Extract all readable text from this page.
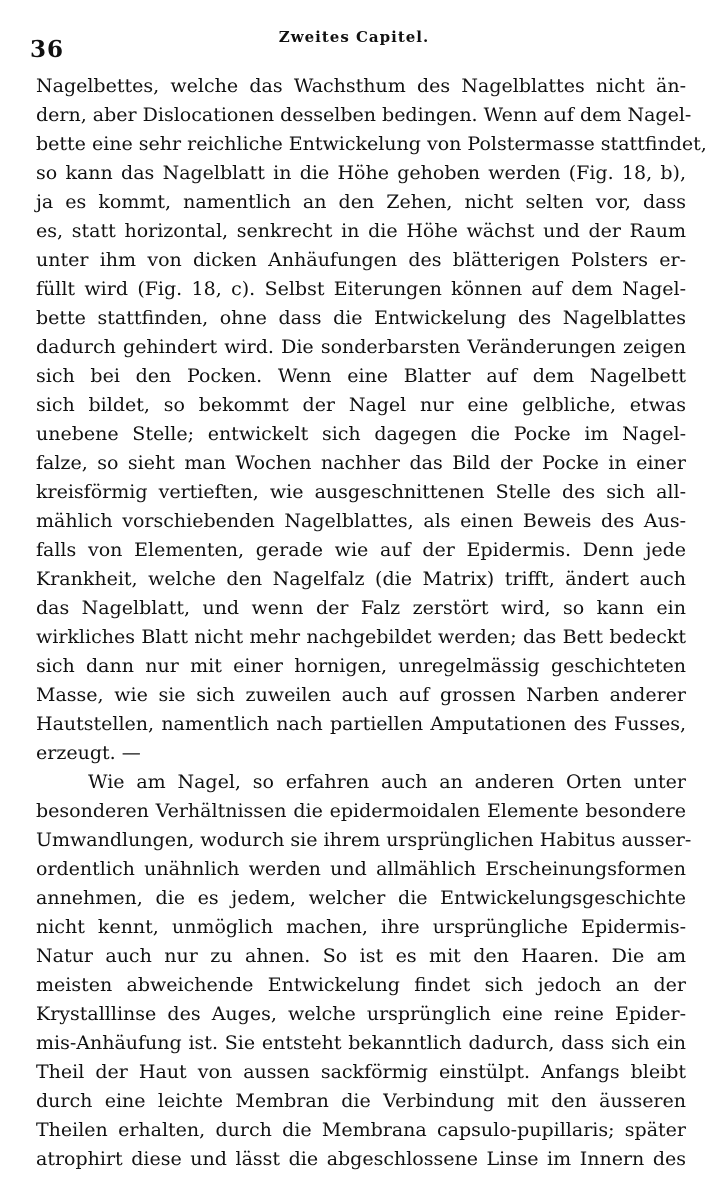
36	Zweites Capitel.
Nagelbettes, welche das Wachsthum des Nagelblattes nicht än-
dern, aber Dislocationen desselben bedingen. Wenn auf dem Nagel-
bette eine sehr reichliche Entwickelung von Polstermasse stattfindet,
so kann das Nagelblatt in die Höhe gehoben werden (Fig. 18, b),
ja es kommt, namentlich an den Zehen, nicht selten vor, dass
es, statt horizontal, senkrecht in die Höhe wächst und der Raum
unter ihm von dicken Anhäufungen des blätterigen Polsters er-
füllt wird (Fig. 18, c). Selbst Eiterungen können auf dem Nagel-
bette stattfinden, ohne dass die Entwickelung des Nagelblattes
dadurch gehindert wird. Die sonderbarsten Veränderungen zeigen
sich bei den Pocken. Wenn eine Blatter auf dem Nagelbett
sich bildet, so bekommt der Nagel nur eine gelbliche, etwas
unebene Stelle; entwickelt sich dagegen die Pocke im Nagel-
falze, so sieht man Wochen nachher das Bild der Pocke in einer
kreisförmig vertieften, wie ausgeschnittenen Stelle des sich all-
mählich vorschiebenden Nagelblattes, als einen Beweis des Aus-
falls von Elementen, gerade wie auf der Epidermis. Denn jede
Krankheit, welche den Nagelfalz (die Matrix) trifft, ändert auch
das Nagelblatt, und wenn der Falz zerstört wird, so kann ein
wirkliches Blatt nicht mehr nachgebildet werden; das Bett bedeckt
sich dann nur mit einer hornigen, unregelmässig geschichteten
Masse, wie sie sich zuweilen auch auf grossen Narben anderer
Hautstellen, namentlich nach partiellen Amputationen des Fusses,
erzeugt. —
Wie am Nagel, so erfahren auch an anderen Orten unter
besonderen Verhältnissen die epidermoidalen Elemente besondere
Umwandlungen, wodurch sie ihrem ursprünglichen Habitus ausser-
ordentlich unähnlich werden und allmählich Erscheinungsformen
annehmen, die es jedem, welcher die Entwickelungsgeschichte
nicht kennt, unmöglich machen, ihre ursprüngliche Epidermis-
Natur auch nur zu ahnen. So ist es mit den Haaren. Die am
meisten abweichende Entwickelung findet sich jedoch an der
Krystalllinse des Auges, welche ursprünglich eine reine Epider-
mis-Anhäufung ist. Sie entsteht bekanntlich dadurch, dass sich ein
Theil der Haut von aussen sackförmig einstülpt. Anfangs bleibt
durch eine leichte Membran die Verbindung mit den äusseren
Theilen erhalten, durch die Membrana capsulo-pupillaris; später
atrophirt diese und lässt die abgeschlossene Linse im Innern des
